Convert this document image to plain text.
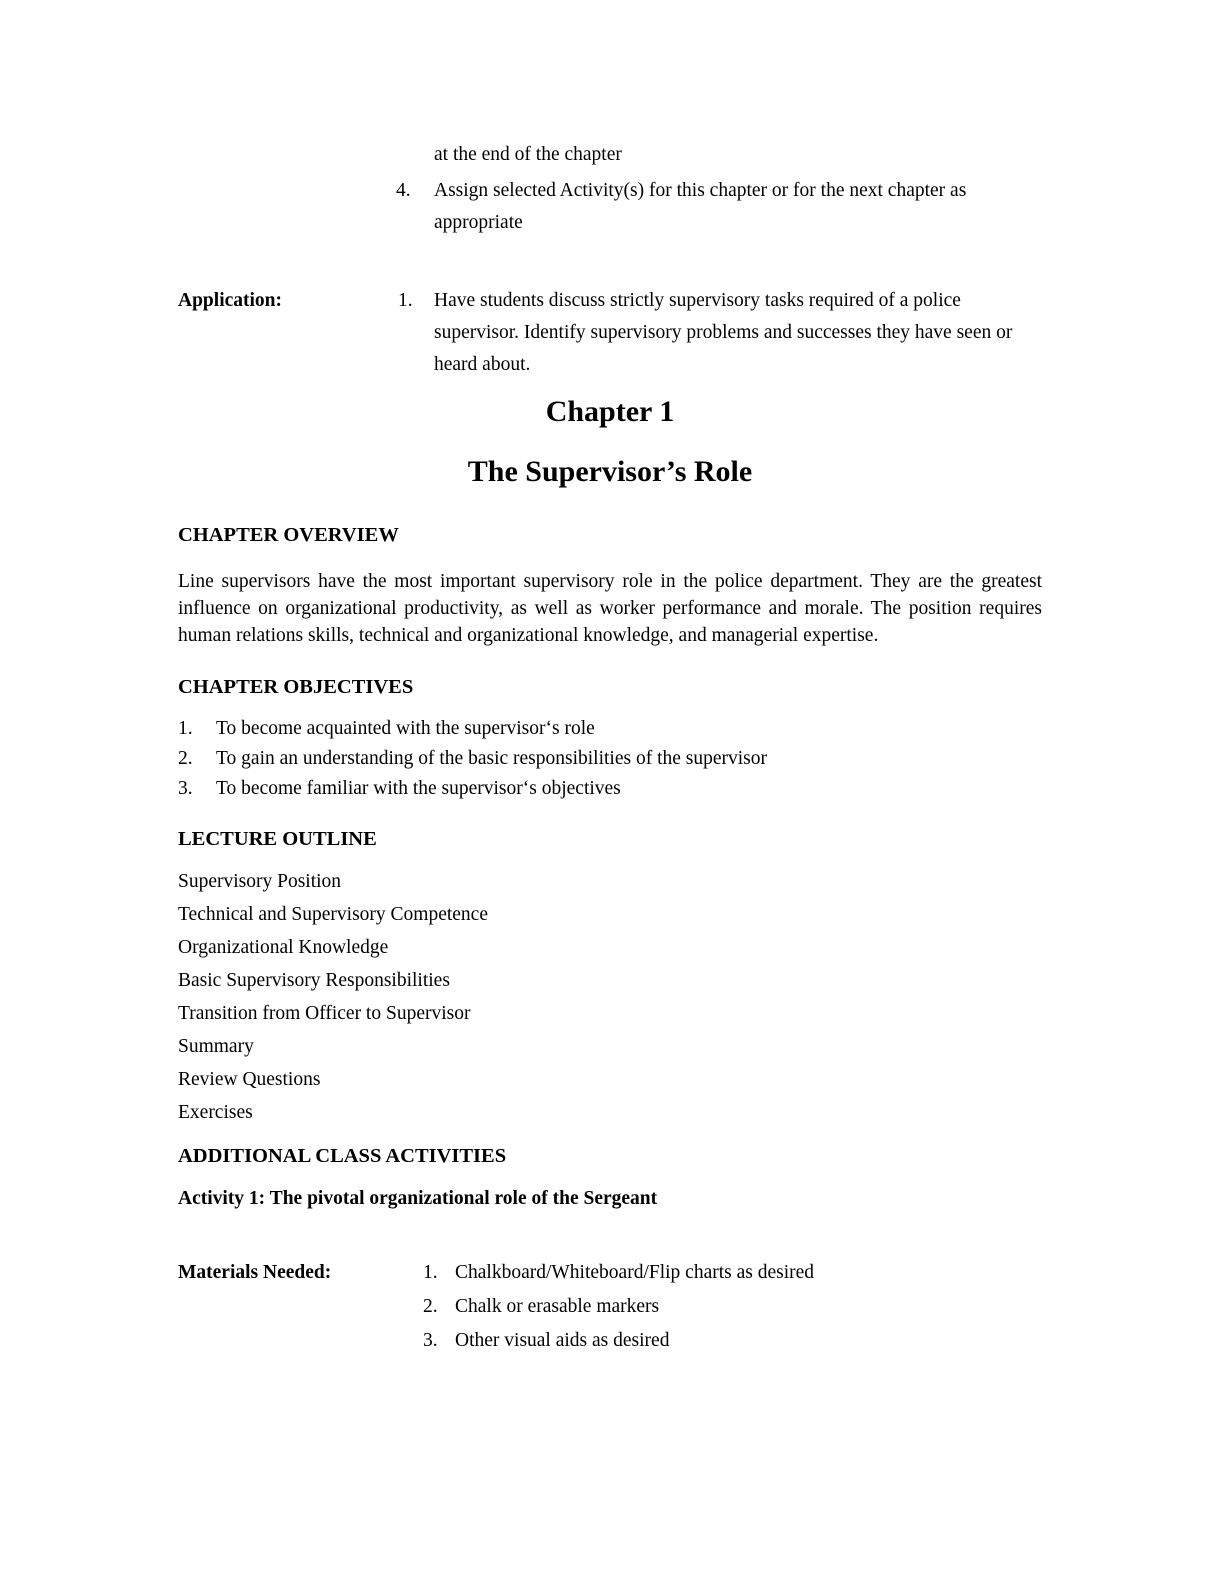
at the end of the chapter
4.	Assign selected Activity(s) for this chapter or for the next chapter as appropriate
Application:	1.	Have students discuss strictly supervisory tasks required of a police supervisor. Identify supervisory problems and successes they have seen or heard about.
Chapter 1
The Supervisor’s Role
CHAPTER OVERVIEW

Line supervisors have the most important supervisory role in the police department. They are the greatest influence on organizational productivity, as well as worker performance and morale. The position requires human relations skills, technical and organizational knowledge, and managerial expertise.

CHAPTER OBJECTIVES
1.	To become acquainted with the supervisor‘s role
2.	To gain an understanding of the basic responsibilities of the supervisor
3.	To become familiar with the supervisor‘s objectives
LECTURE OUTLINE
Supervisory Position
Technical and Supervisory Competence
Organizational Knowledge
Basic Supervisory Responsibilities
Transition from Officer to Supervisor
Summary
Review Questions
Exercises
ADDITIONAL CLASS ACTIVITIES
Activity 1: The pivotal organizational role of the Sergeant
Materials Needed:	1. Chalkboard/Whiteboard/Flip charts as desired
2. Chalk or erasable markers
3. Other visual aids as desired
